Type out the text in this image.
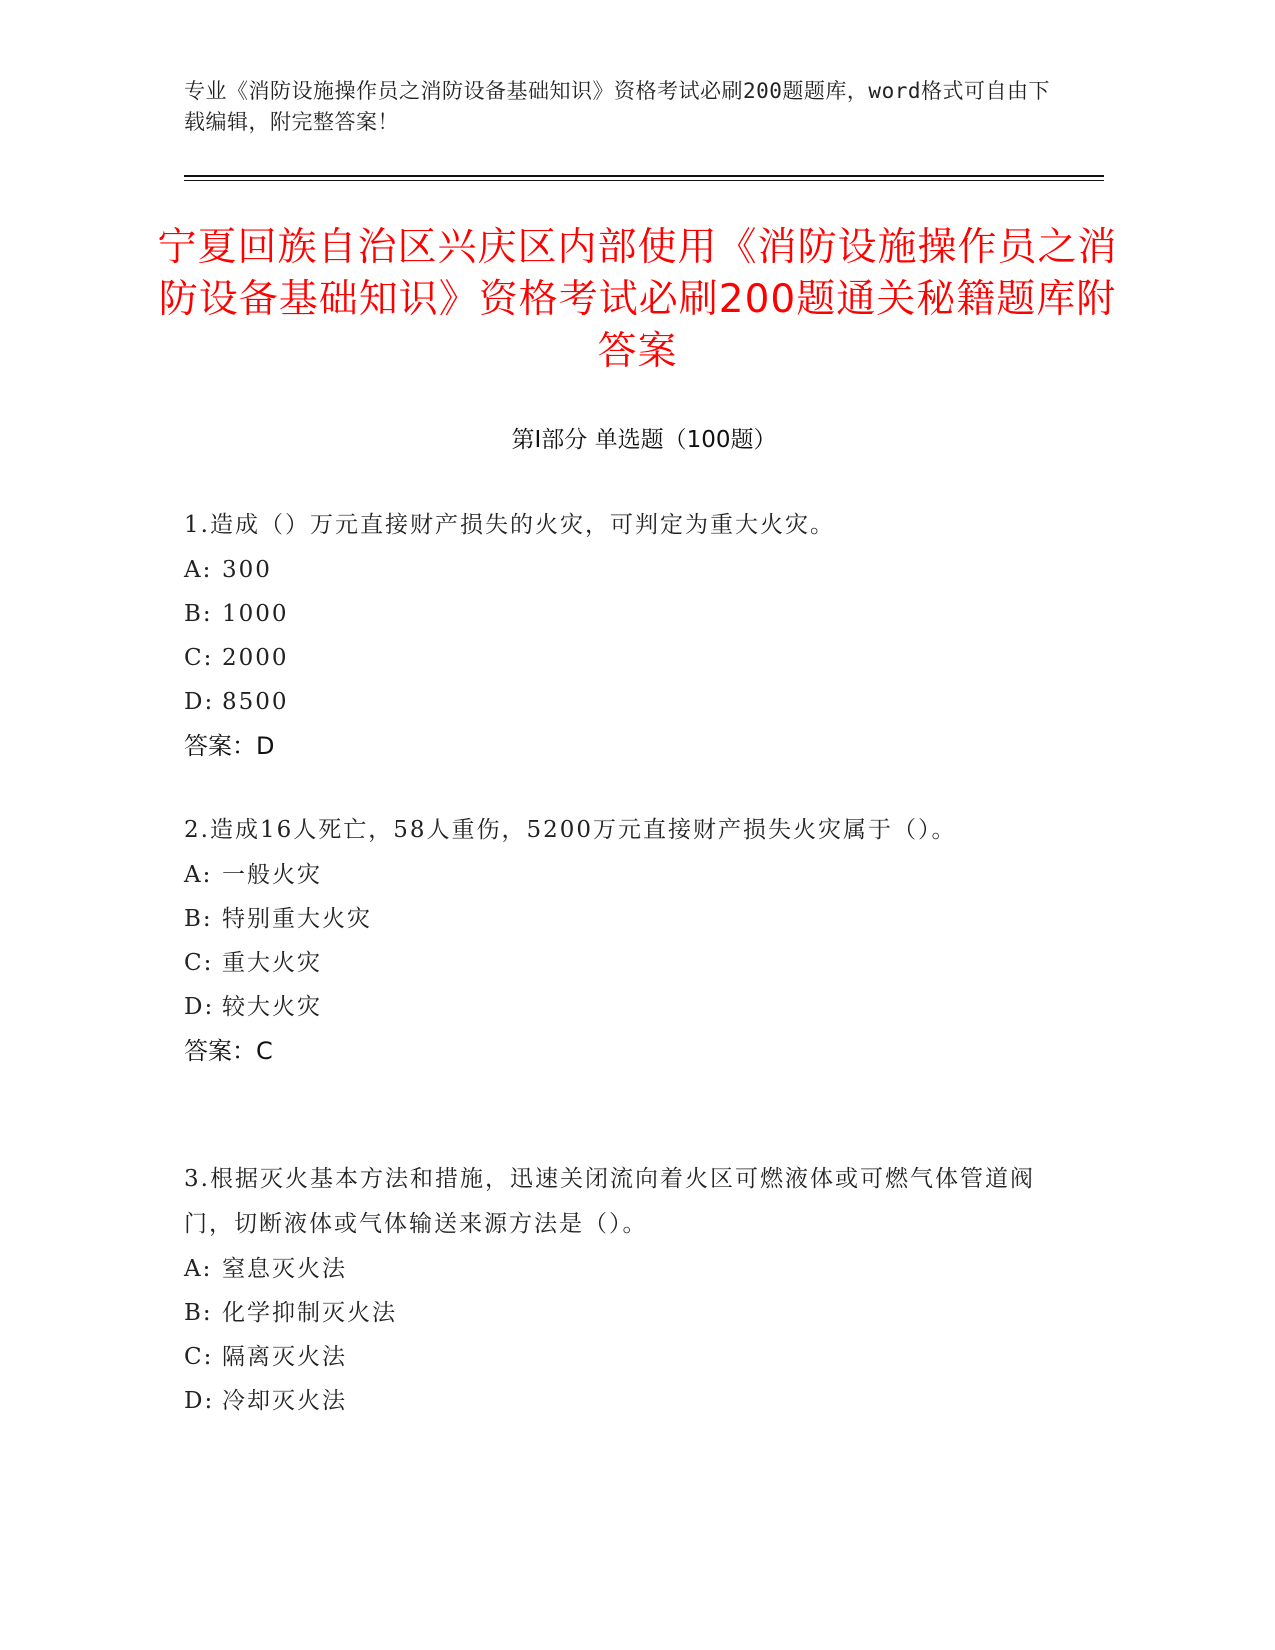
专业《消防设施操作员之消防设备基础知识》资格考试必刷200题题库，word格式可自由下载编辑，附完整答案！
宁夏回族自治区兴庆区内部使用《消防设施操作员之消防设备基础知识》资格考试必刷200题通关秘籍题库附答案
第Ⅰ部分 单选题（100题）
1.造成（）万元直接财产损失的火灾，可判定为重大火灾。
A: 300
B: 1000
C: 2000
D: 8500
答案：D
2.造成16人死亡，58人重伤，5200万元直接财产损失火灾属于（）。
A: 一般火灾
B: 特别重大火灾
C: 重大火灾
D: 较大火灾
答案：C
3.根据灭火基本方法和措施，迅速关闭流向着火区可燃液体或可燃气体管道阀门，切断液体或气体输送来源方法是（）。
A: 窒息灭火法
B: 化学抑制灭火法
C: 隔离灭火法
D: 冷却灭火法
